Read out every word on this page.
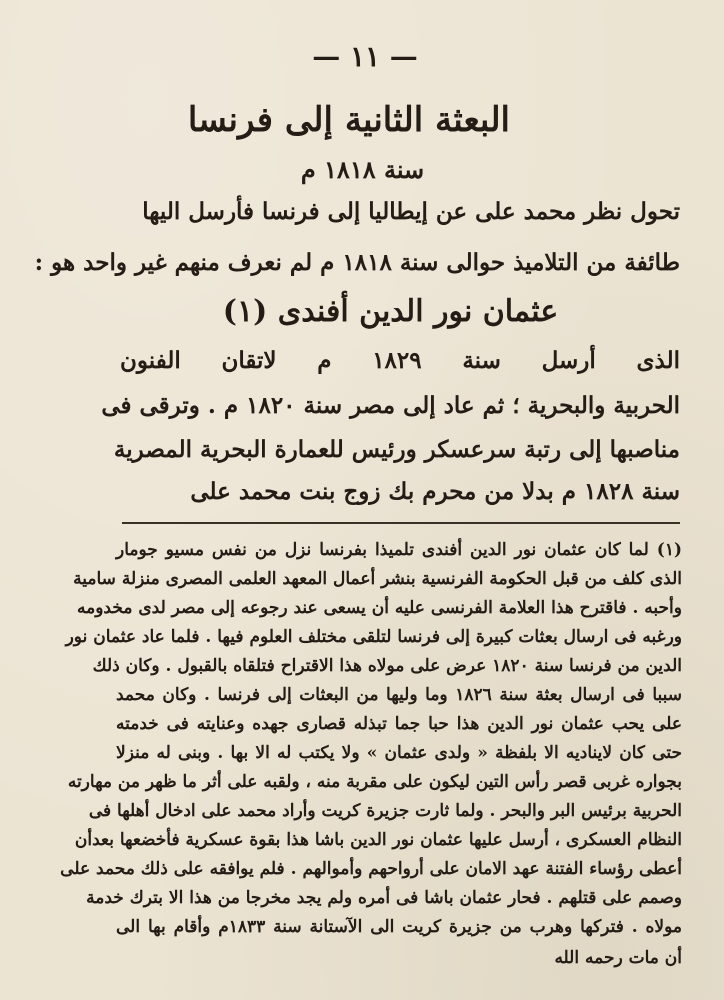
— ١١ —
البعثة الثانية إلى فرنسا
سنة ١٨١٨ م
تحول نظر محمد على عن إيطاليا إلى فرنسا فأرسل اليها
طائفة من التلاميذ حوالى سنة ١٨١٨ م لم نعرف منهم غير واحد هو :
عثمان نور الدين أفندى (١)
الذى أرسل سنة ١٨٢٩ م لاتقان الفنون
الحربية والبحرية ؛ ثم عاد إلى مصر سنة ١٨٢٠ م . وترقى فى
مناصبها إلى رتبة سرعسكر ورئيس للعمارة البحرية المصرية
سنة ١٨٢٨ م بدلا من محرم بك زوج بنت محمد على
(١) لما كان عثمان نور الدين أفندى تلميذا بفرنسا نزل من نفس مسيو جومار
الذى كلف من قبل الحكومة الفرنسية بنشر أعمال المعهد العلمى المصرى منزلة سامية
وأحبه . فاقترح هذا العلامة الفرنسى عليه أن يسعى عند رجوعه إلى مصر لدى مخدومه
ورغبه فى ارسال بعثات كبيرة إلى فرنسا لتلقى مختلف العلوم فيها . فلما عاد عثمان نور
الدين من فرنسا سنة ١٨٢٠ عرض على مولاه هذا الاقتراح فتلقاه بالقبول . وكان ذلك
سببا فى ارسال بعثة سنة ١٨٢٦ وما وليها من البعثات إلى فرنسا . وكان محمد
على يحب عثمان نور الدين هذا حبا جما تبذله قصارى جهده وعنايته فى خدمته
حتى كان لايناديه الا بلفظة « ولدى عثمان » ولا يكتب له الا بها . وبنى له منزلا
بجواره غربى قصر رأس التين ليكون على مقربة منه ، ولقبه على أثر ما ظهر من مهارته
الحربية برئيس البر والبحر . ولما ثارت جزيرة كريت وأراد محمد على ادخال أهلها فى
النظام العسكرى ، أرسل عليها عثمان نور الدين باشا هذا بقوة عسكرية فأخضعها بعدأن
أعطى رؤساء الفتنة عهد الامان على أرواحهم وأموالهم . فلم يوافقه على ذلك محمد على
وصمم على قتلهم . فحار عثمان باشا فى أمره ولم يجد مخرجا من هذا الا بترك خدمة
مولاه . فتركها وهرب من جزيرة كريت الى الآستانة سنة ١٨٣٣م وأقام بها الى
أن مات رحمه الله
